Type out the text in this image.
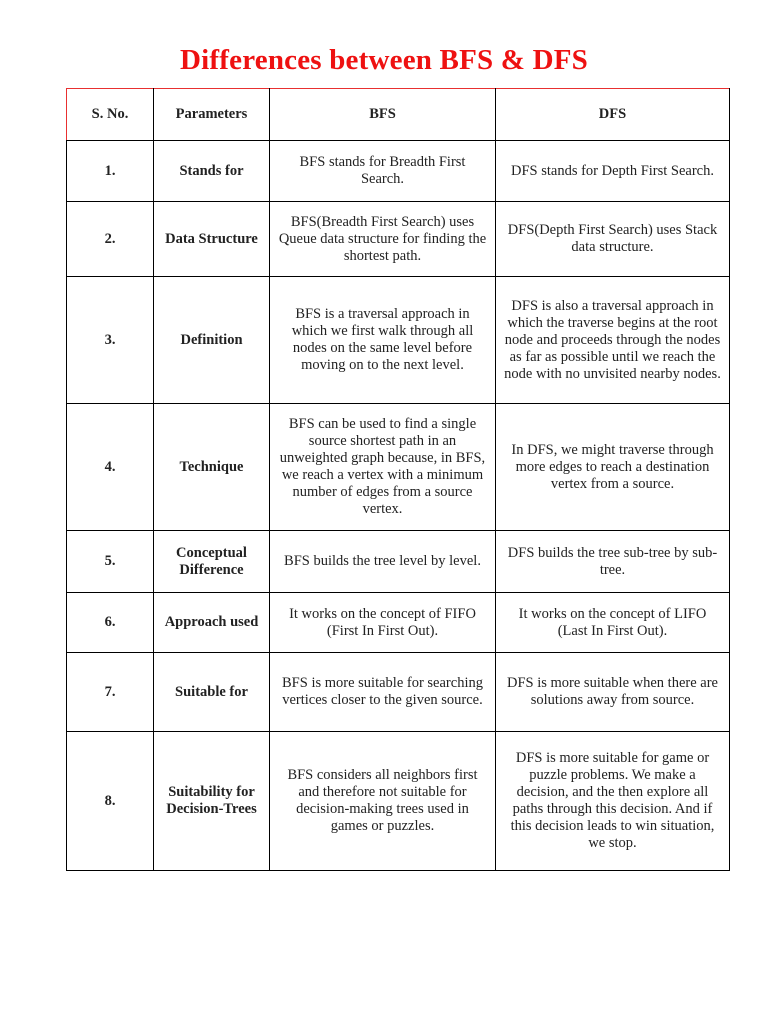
Differences between BFS & DFS
S. No.	Parameters	BFS	DFS
1.	Stands for	BFS stands for Breadth First Search.	DFS stands for Depth First Search.
2.	Data Structure	BFS(Breadth First Search) uses Queue data structure for finding the shortest path.	DFS(Depth First Search) uses Stack data structure.
3.	Definition	BFS is a traversal approach in which we first walk through all nodes on the same level before moving on to the next level.	DFS is also a traversal approach in which the traverse begins at the root node and proceeds through the nodes as far as possible until we reach the node with no unvisited nearby nodes.
4.	Technique	BFS can be used to find a single source shortest path in an unweighted graph because, in BFS, we reach a vertex with a minimum number of edges from a source vertex.	In DFS, we might traverse through more edges to reach a destination vertex from a source.
5.	Conceptual Difference	BFS builds the tree level by level.	DFS builds the tree sub-tree by sub-tree.
6.	Approach used	It works on the concept of FIFO (First In First Out).	It works on the concept of LIFO (Last In First Out).
7.	Suitable for	BFS is more suitable for searching vertices closer to the given source.	DFS is more suitable when there are solutions away from source.
8.	Suitability for Decision-Trees	BFS considers all neighbors first and therefore not suitable for decision-making trees used in games or puzzles.	DFS is more suitable for game or puzzle problems. We make a decision, and the then explore all paths through this decision. And if this decision leads to win situation, we stop.
